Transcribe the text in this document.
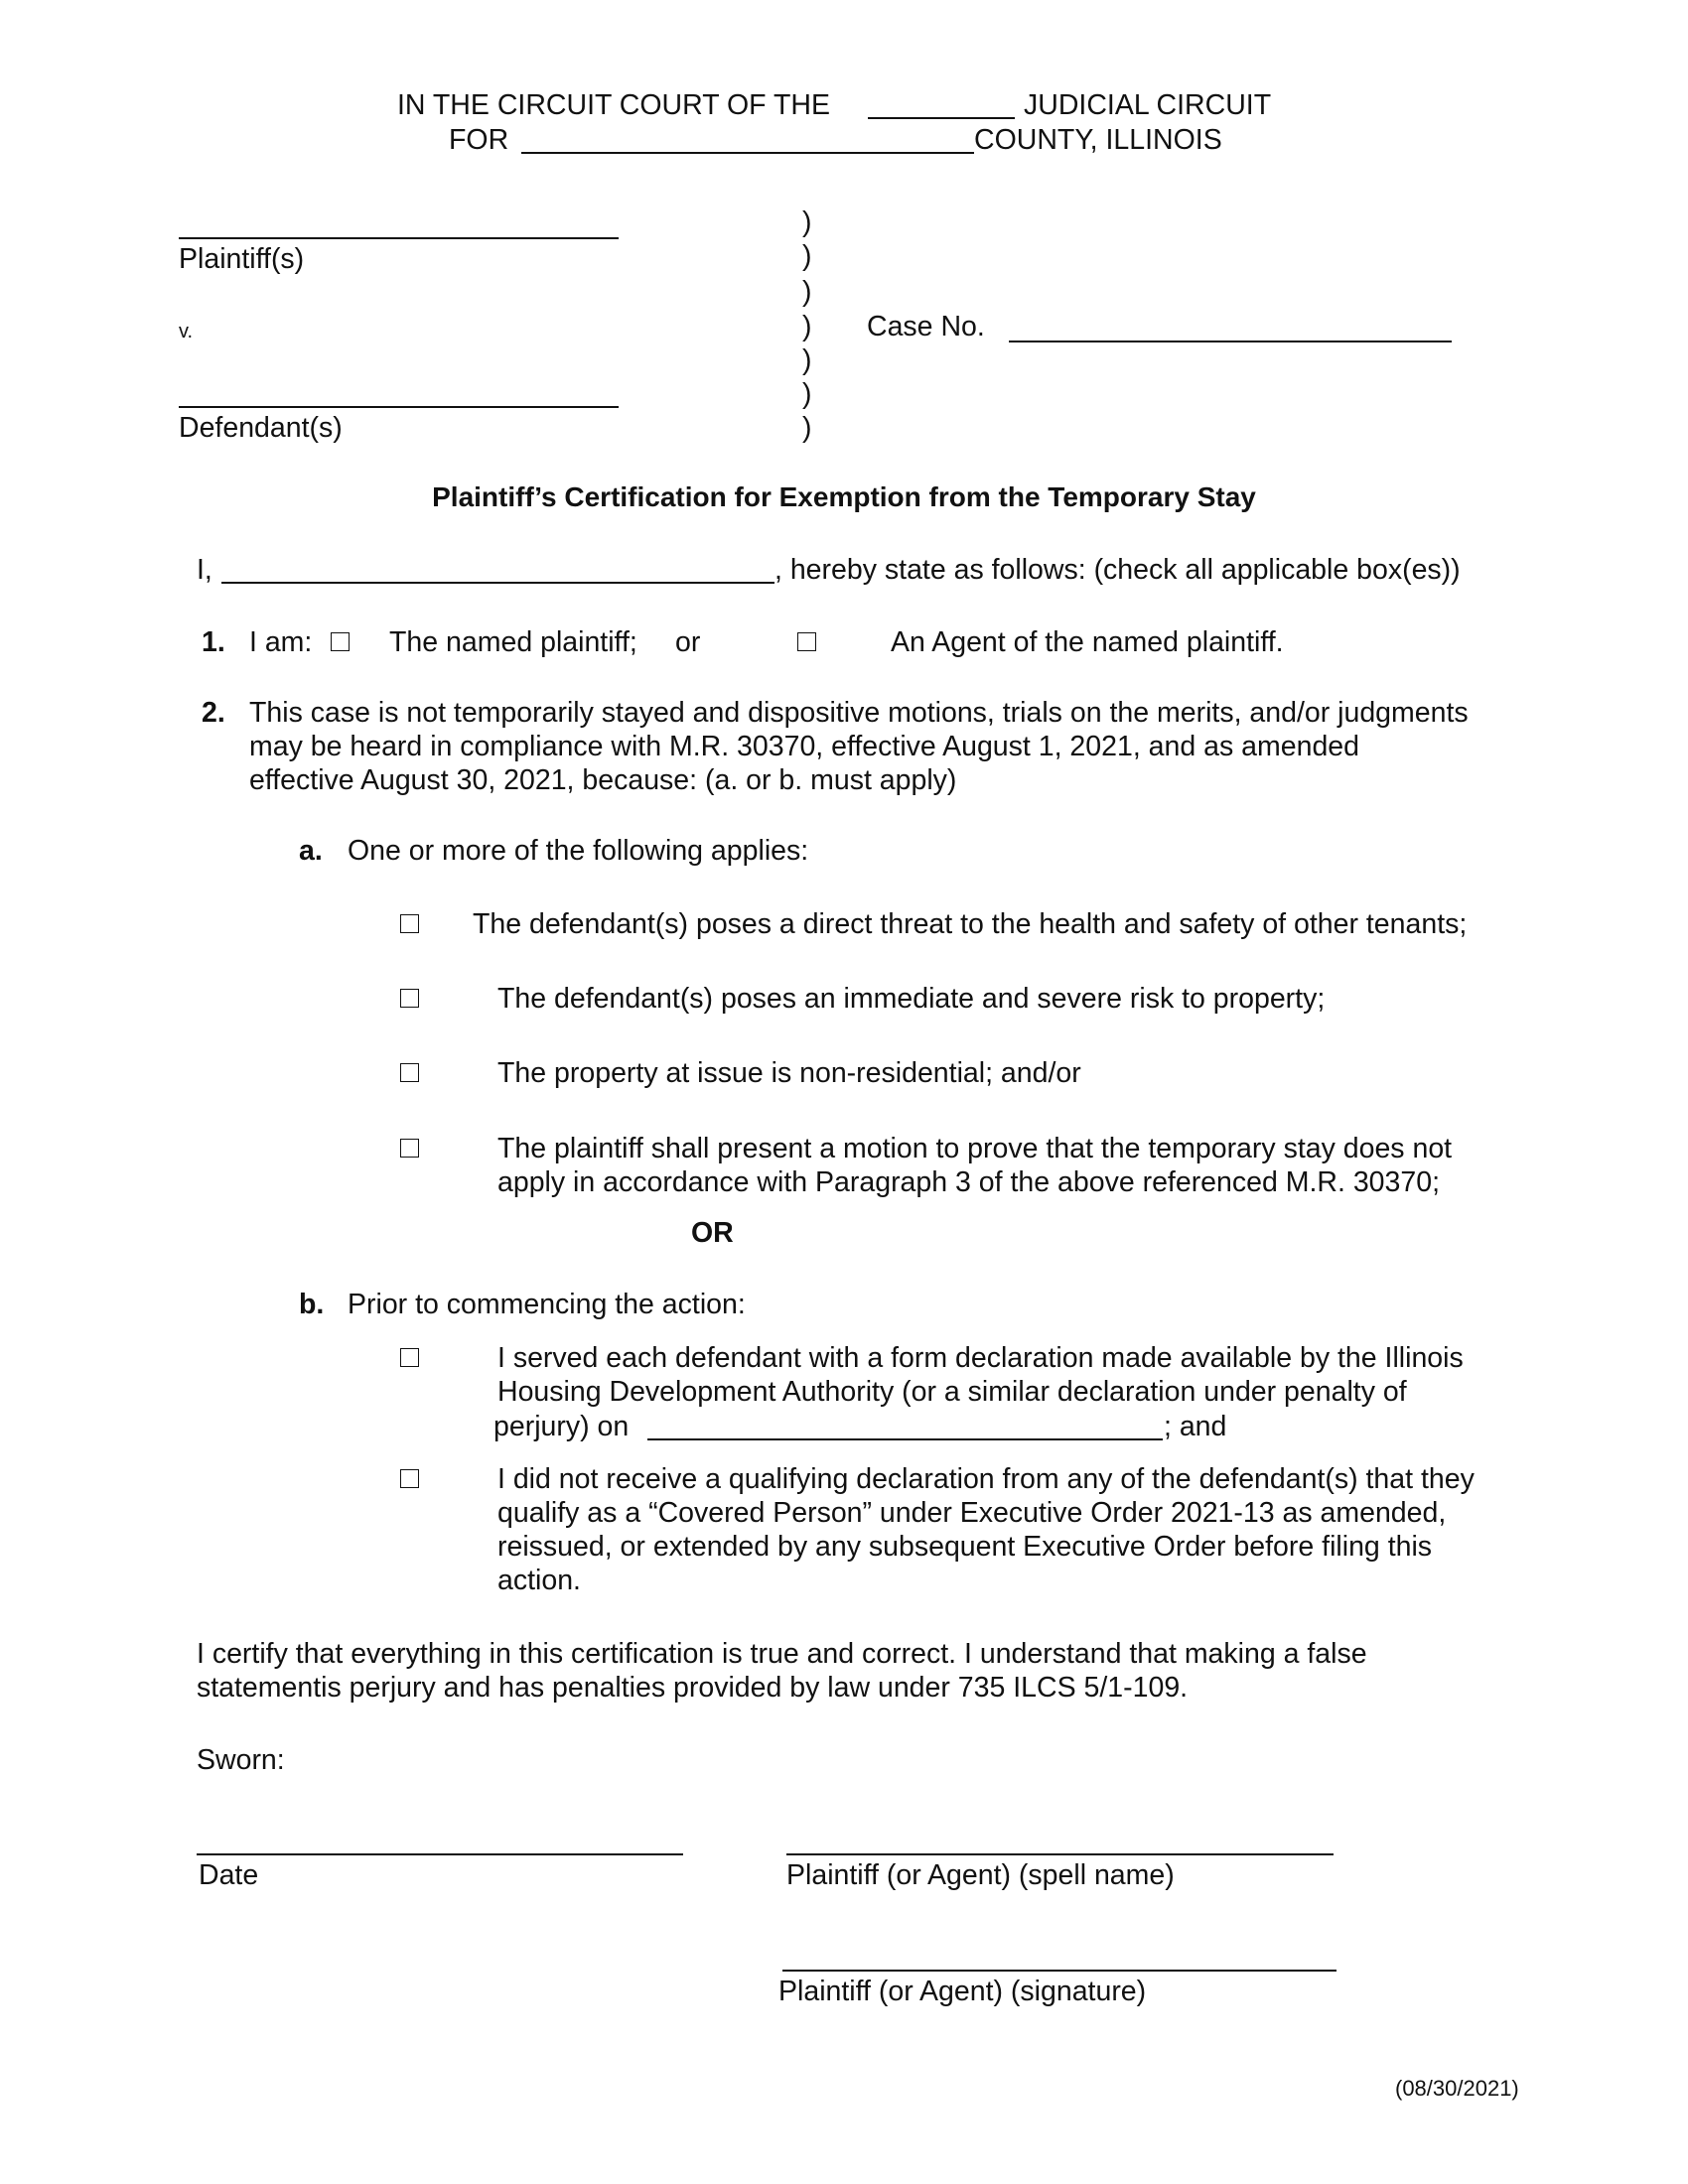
IN THE CIRCUIT COURT OF THE	JUDICIAL CIRCUIT
FOR	COUNTY, ILLINOIS
Plaintiff(s)
v.
Defendant(s)
)
)
)
)
)
)
)
Case No.
Plaintiff’s Certification for Exemption from the Temporary Stay
I,	, hereby state as follows: (check all applicable box(es))
1. I am:	The named plaintiff; or	An Agent of the named plaintiff.
2. This case is not temporarily stayed and dispositive motions, trials on the merits, and/or judgments
may be heard in compliance with M.R. 30370, effective August 1, 2021, and as amended
effective August 30, 2021, because: (a. or b. must apply)
a. One or more of the following applies:
The defendant(s) poses a direct threat to the health and safety of other tenants;
The defendant(s) poses an immediate and severe risk to property;
The property at issue is non-residential; and/or
The plaintiff shall present a motion to prove that the temporary stay does not
apply in accordance with Paragraph 3 of the above referenced M.R. 30370;
OR
b. Prior to commencing the action:
I served each defendant with a form declaration made available by the Illinois
Housing Development Authority (or a similar declaration under penalty of
perjury) on	; and
I did not receive a qualifying declaration from any of the defendant(s) that they
qualify as a “Covered Person” under Executive Order 2021-13 as amended,
reissued, or extended by any subsequent Executive Order before filing this
action.
I certify that everything in this certification is true and correct. I understand that making a false
statementis perjury and has penalties provided by law under 735 ILCS 5/1-109.
Sworn:
Date	Plaintiff (or Agent) (spell name)
Plaintiff (or Agent) (signature)
(08/30/2021)
